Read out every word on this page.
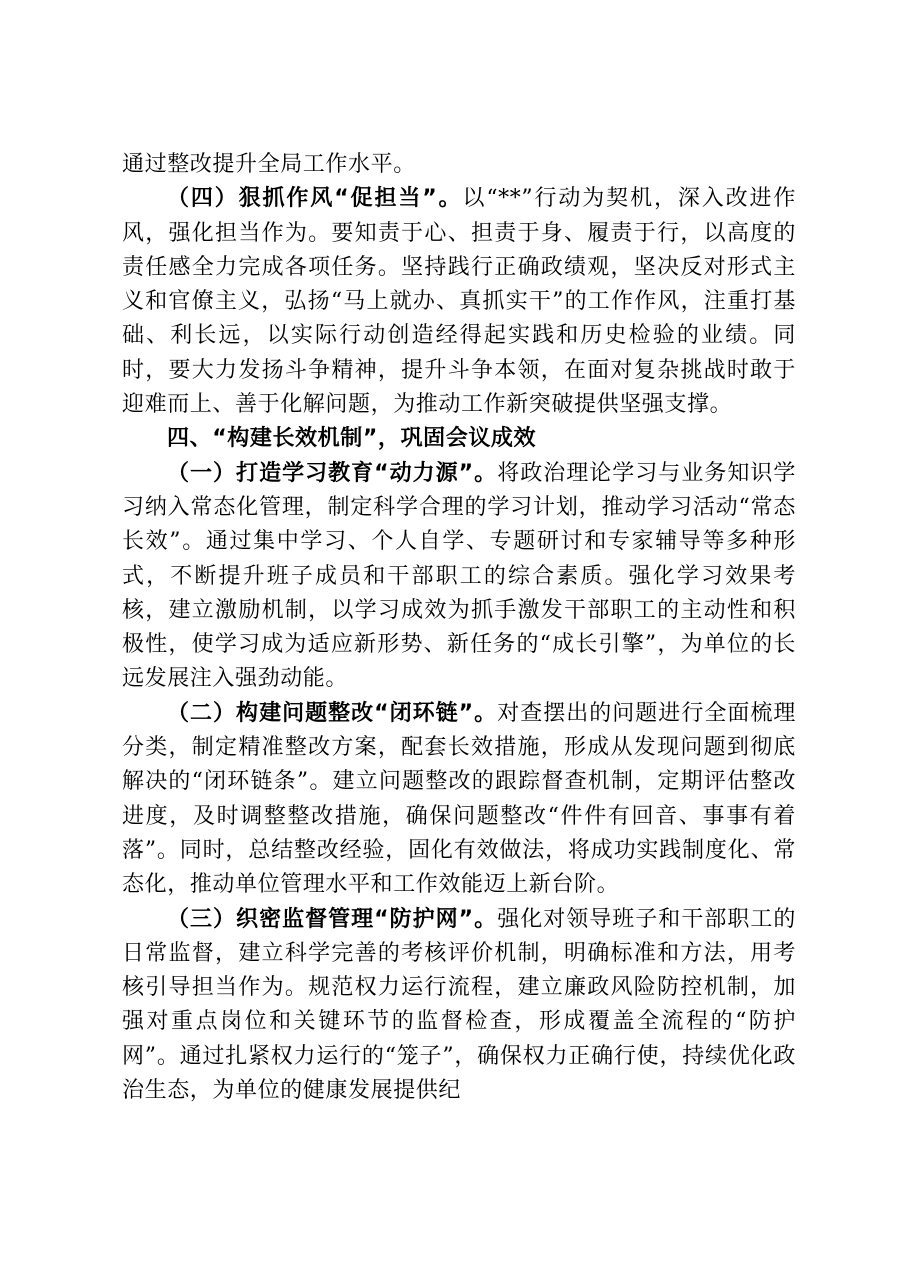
通过整改提升全局工作水平。

（四）狠抓作风“促担当”。以“**”行动为契机，深入改进作风，强化担当作为。要知责于心、担责于身、履责于行，以高度的责任感全力完成各项任务。坚持践行正确政绩观，坚决反对形式主义和官僚主义，弘扬“马上就办、真抓实干”的工作作风，注重打基础、利长远，以实际行动创造经得起实践和历史检验的业绩。同时，要大力发扬斗争精神，提升斗争本领，在面对复杂挑战时敢于迎难而上、善于化解问题，为推动工作新突破提供坚强支撑。

四、“构建长效机制”，巩固会议成效

（一）打造学习教育“动力源”。将政治理论学习与业务知识学习纳入常态化管理，制定科学合理的学习计划，推动学习活动“常态长效”。通过集中学习、个人自学、专题研讨和专家辅导等多种形式，不断提升班子成员和干部职工的综合素质。强化学习效果考核，建立激励机制，以学习成效为抓手激发干部职工的主动性和积极性，使学习成为适应新形势、新任务的“成长引擎”，为单位的长远发展注入强劲动能。

（二）构建问题整改“闭环链”。对查摆出的问题进行全面梳理分类，制定精准整改方案，配套长效措施，形成从发现问题到彻底解决的“闭环链条”。建立问题整改的跟踪督查机制，定期评估整改进度，及时调整整改措施，确保问题整改“件件有回音、事事有着落”。同时，总结整改经验，固化有效做法，将成功实践制度化、常态化，推动单位管理水平和工作效能迈上新台阶。

（三）织密监督管理“防护网”。强化对领导班子和干部职工的日常监督，建立科学完善的考核评价机制，明确标准和方法，用考核引导担当作为。规范权力运行流程，建立廉政风险防控机制，加强对重点岗位和关键环节的监督检查，形成覆盖全流程的“防护网”。通过扎紧权力运行的“笼子”，确保权力正确行使，持续优化政治生态，为单位的健康发展提供纪
